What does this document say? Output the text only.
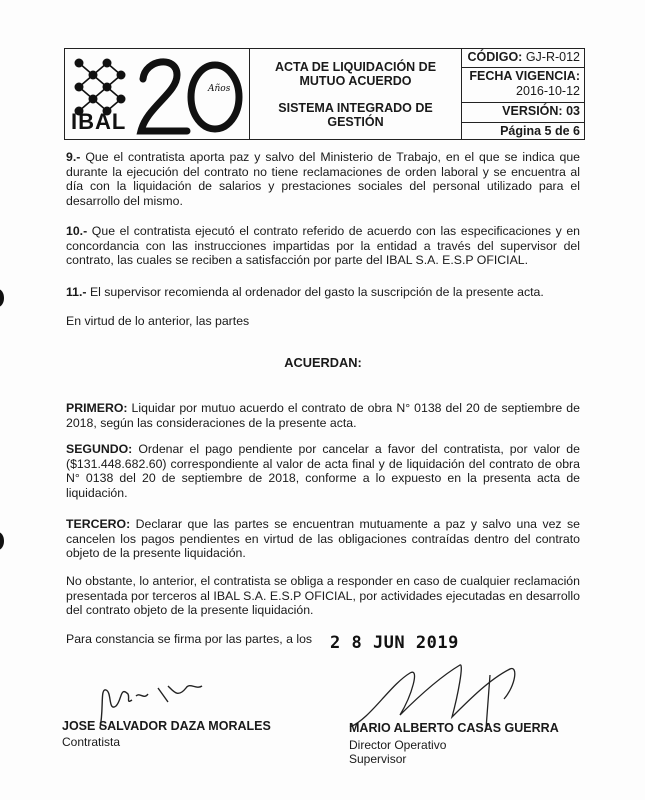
Años
IBAL
ACTA DE LIQUIDACIÓN DE MUTUO ACUERDO
SISTEMA INTEGRADO DE GESTIÓN
CÓDIGO: GJ-R-012
FECHA VIGENCIA:
2016-10-12
VERSIÓN: 03
Página 5 de 6
9.- Que el contratista aporta paz y salvo del Ministerio de Trabajo, en el que se indica que durante la ejecución del contrato no tiene reclamaciones de orden laboral y se encuentra al día con la liquidación de salarios y prestaciones sociales del personal utilizado para el desarrollo del mismo.
10.- Que el contratista ejecutó el contrato referido de acuerdo con las especificaciones y en concordancia con las instrucciones impartidas por la entidad a través del supervisor del contrato, las cuales se reciben a satisfacción por parte del IBAL S.A. E.S.P OFICIAL.
11.- El supervisor recomienda al ordenador del gasto la suscripción de la presente acta.
En virtud de lo anterior, las partes
ACUERDAN:
PRIMERO: Liquidar por mutuo acuerdo el contrato de obra N° 0138 del 20 de septiembre de 2018, según las consideraciones de la presente acta.
SEGUNDO: Ordenar el pago pendiente por cancelar a favor del contratista, por valor de ($131.448.682.60) correspondiente al valor de acta final y de liquidación del contrato de obra N° 0138 del 20 de septiembre de 2018, conforme a lo expuesto en la presenta acta de liquidación.
TERCERO: Declarar que las partes se encuentran mutuamente a paz y salvo una vez se cancelen los pagos pendientes en virtud de las obligaciones contraídas dentro del contrato objeto de la presente liquidación.
No obstante, lo anterior, el contratista se obliga a responder en caso de cualquier reclamación presentada por terceros al IBAL S.A. E.S.P OFICIAL, por actividades ejecutadas en desarrollo del contrato objeto de la presente liquidación.
Para constancia se firma por las partes, a los	2 8 JUN 2019
JOSE SALVADOR DAZA MORALES
Contratista
MARIO ALBERTO CASAS GUERRA
Director Operativo
Supervisor
